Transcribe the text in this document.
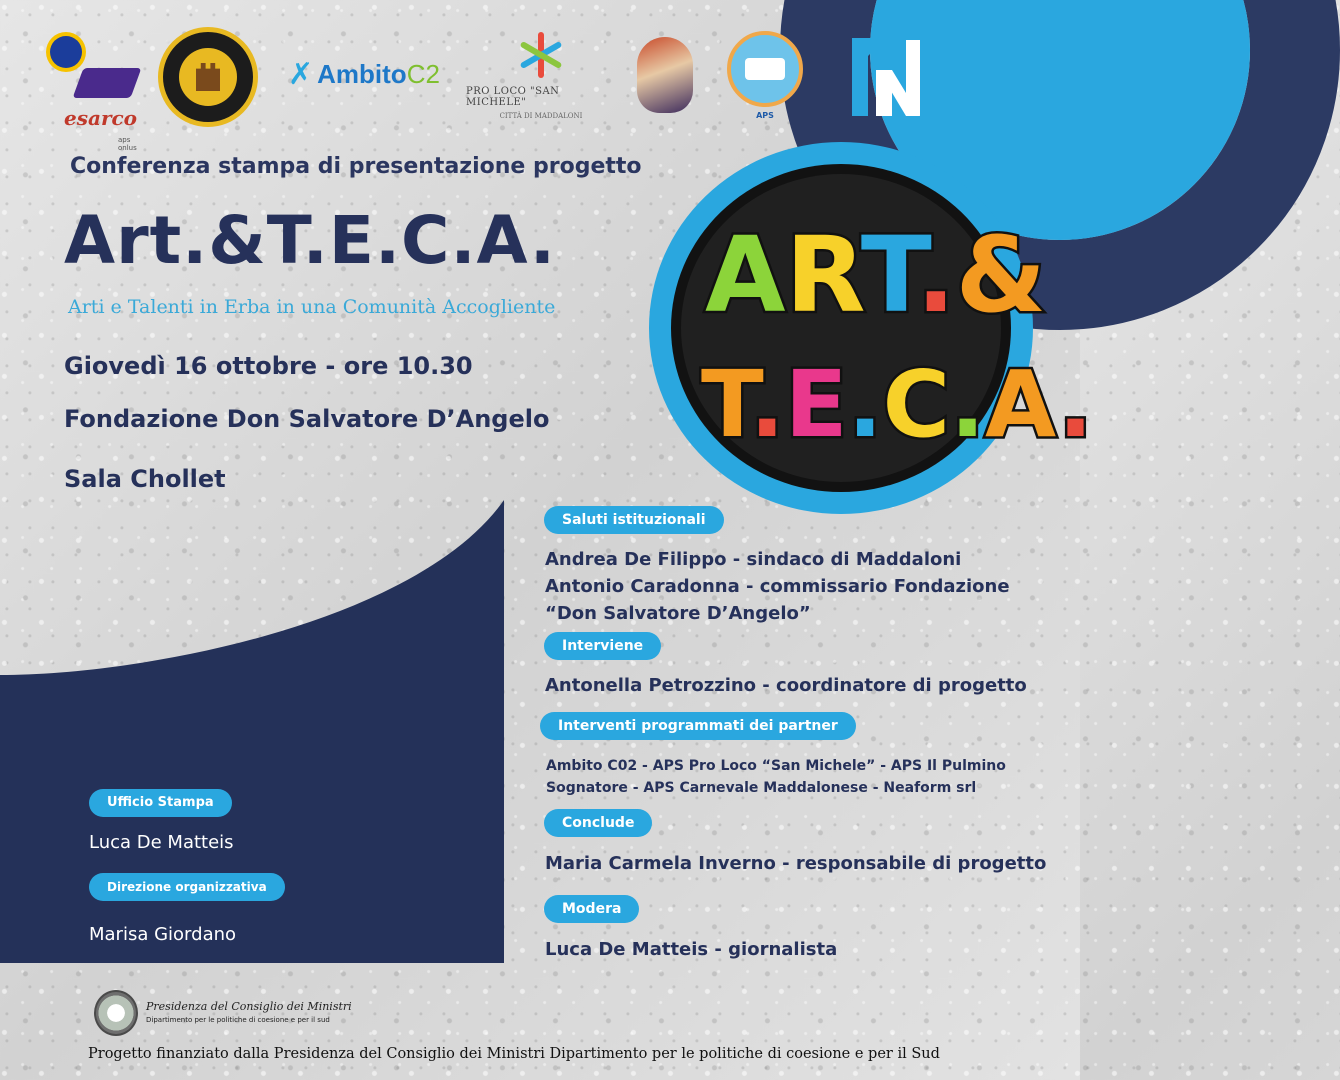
esarco
aps onlus
✗ Ambito C2
PRO LOCO "SAN MICHELE"
CITTÀ DI MADDALONI	APS
Conferenza stampa di presentazione progetto
Art.&T.E.C.A.
Arti e Talenti in Erba in una Comunità Accogliente
Giovedì 16 ottobre - ore 10.30
Fondazione Don Salvatore D’Angelo
Sala Chollet
ART.&
T.E.C.A.
Saluti istituzionali
Andrea De Filippo - sindaco di Maddaloni
Antonio Caradonna - commissario Fondazione
“Don Salvatore D’Angelo”
Interviene
Antonella Petrozzino - coordinatore di progetto
Interventi programmati dei partner
Ambito C02 - APS Pro Loco “San Michele” - APS Il Pulmino
Sognatore - APS Carnevale Maddalonese - Neaform srl
Conclude
Maria Carmela Inverno - responsabile di progetto
Modera
Luca De Matteis - giornalista
Ufficio Stampa
Luca De Matteis
Direzione organizzativa
Marisa Giordano
Presidenza del Consiglio dei Ministri
Dipartimento per le politiche di coesione e per il sud
Progetto finanziato dalla Presidenza del Consiglio dei Ministri Dipartimento per le politiche di coesione e per il Sud
